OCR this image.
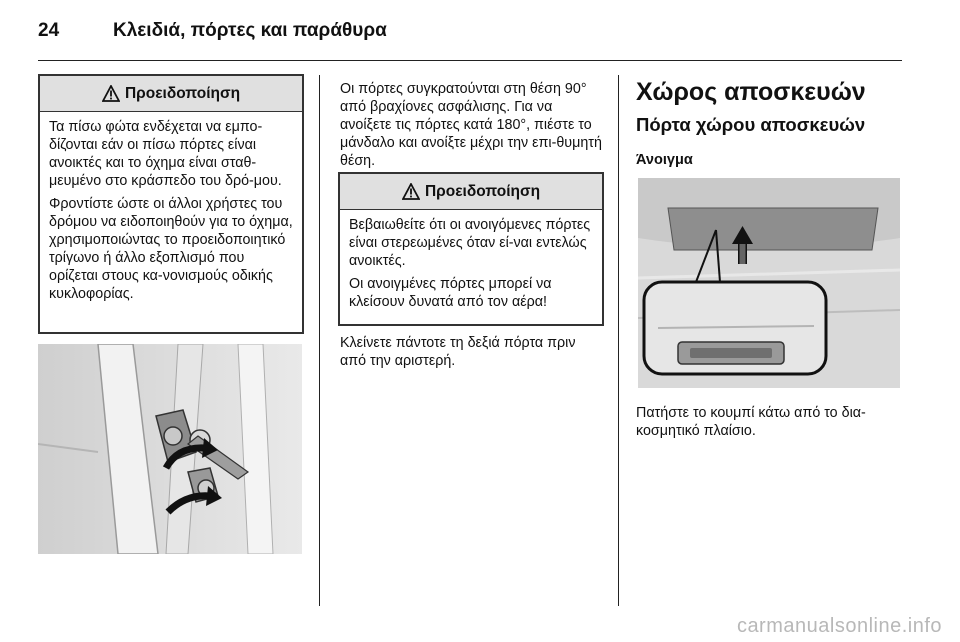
24	Κλειδιά, πόρτες και παράθυρα
Προειδοποίηση

Τα πίσω φώτα ενδέχεται να εμπο-δίζονται εάν οι πίσω πόρτες είναι ανοικτές και το όχημα είναι σταθ-μευμένο στο κράσπεδο του δρό-μου.

Φροντίστε ώστε οι άλλοι χρήστες του δρόμου να ειδοποιηθούν για το όχημα, χρησιμοποιώντας το προειδοποιητικό τρίγωνο ή άλλο εξοπλισμό που ορίζεται στους κα-νονισμούς οδικής κυκλοφορίας.

Οι πόρτες συγκρατούνται στη θέση 90° από βραχίονες ασφάλισης. Για να ανοίξετε τις πόρτες κατά 180°, πιέστε το μάνδαλο και ανοίξτε μέχρι την επι-θυμητή θέση.

Προειδοποίηση

Βεβαιωθείτε ότι οι ανοιγόμενες πόρτες είναι στερεωμένες όταν εί-ναι εντελώς ανοικτές.

Οι ανοιγμένες πόρτες μπορεί να κλείσουν δυνατά από τον αέρα!

Κλείνετε πάντοτε τη δεξιά πόρτα πριν από την αριστερή.

Χώρος αποσκευών
Πόρτα χώρου αποσκευών
Άνοιγμα

Πατήστε το κουμπί κάτω από το δια-κοσμητικό πλαίσιο.

carmanualsonline.info
